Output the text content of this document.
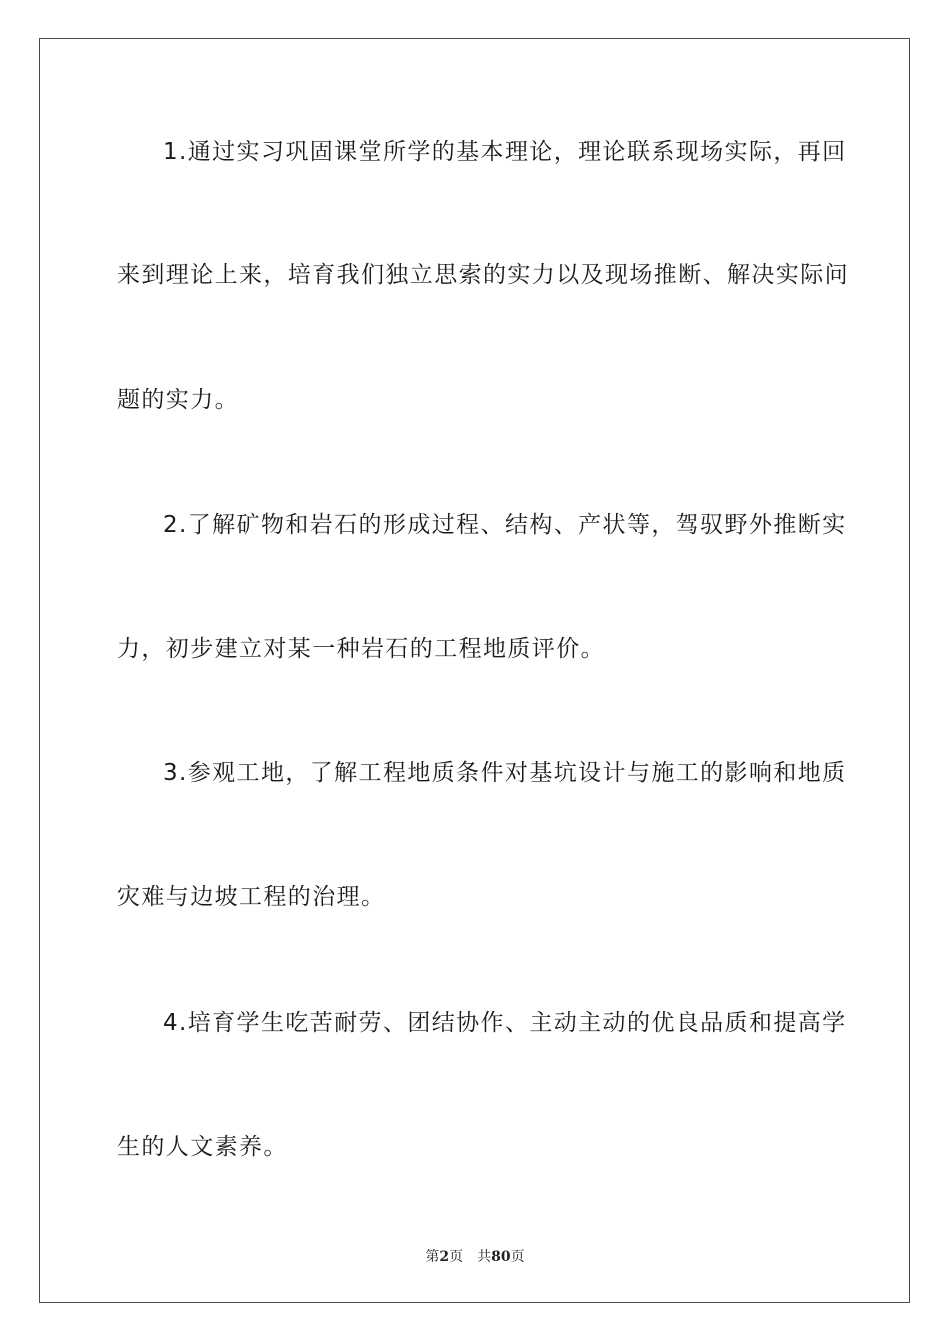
1.通过实习巩固课堂所学的基本理论，理论联系现场实际，再回
来到理论上来，培育我们独立思索的实力以及现场推断、解决实际问
题的实力。
2.了解矿物和岩石的形成过程、结构、产状等，驾驭野外推断实
力，初步建立对某一种岩石的工程地质评价。
3.参观工地，了解工程地质条件对基坑设计与施工的影响和地质
灾难与边坡工程的治理。
4.培育学生吃苦耐劳、团结协作、主动主动的优良品质和提高学
生的人文素养。
第2页 共80页
